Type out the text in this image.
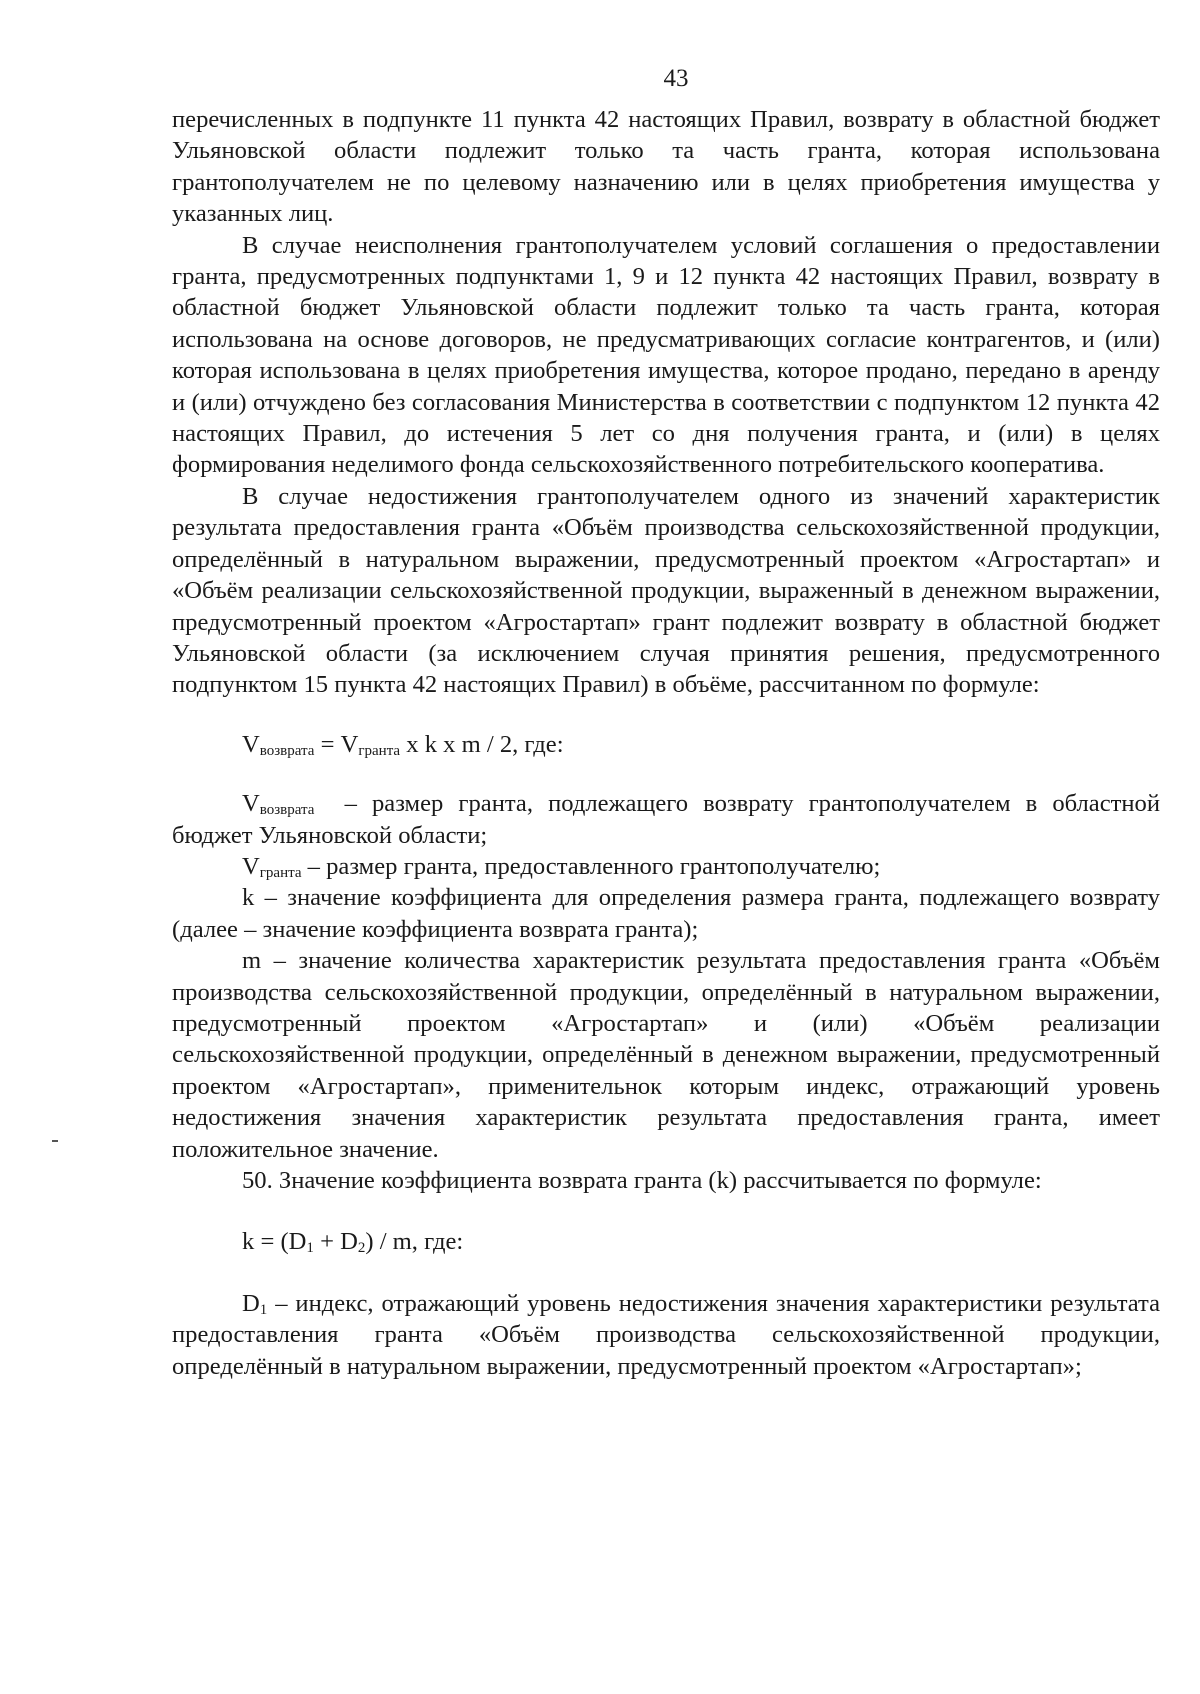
43

перечисленных в подпункте 11 пункта 42 настоящих Правил, возврату в областной бюджет Ульяновской области подлежит только та часть гранта, которая использована грантополучателем не по целевому назначению или в целях приобретения имущества у указанных лиц.

В случае неисполнения грантополучателем условий соглашения о предоставлении гранта, предусмотренных подпунктами 1, 9 и 12 пункта 42 настоящих Правил, возврату в областной бюджет Ульяновской области подлежит только та часть гранта, которая использована на основе договоров, не предусматривающих согласие контрагентов, и (или) которая использована в целях приобретения имущества, которое продано, передано в аренду и (или) отчуждено без согласования Министерства в соответствии с подпунктом 12 пункта 42 настоящих Правил, до истечения 5 лет со дня получения гранта, и (или) в целях формирования неделимого фонда сельскохозяйственного потребительского кооператива.

В случае недостижения грантополучателем одного из значений характеристик результата предоставления гранта «Объём производства сельскохозяйственной продукции, определённый в натуральном выражении, предусмотренный проектом «Агростартап» и «Объём реализации сельскохозяйственной продукции, выраженный в денежном выражении, предусмотренный проектом «Агростартап» грант подлежит возврату в областной бюджет Ульяновской области (за исключением случая принятия решения, предусмотренного подпунктом 15 пункта 42 настоящих Правил) в объёме, рассчитанном по формуле:

$V_{возврата} = V_{гранта}$ x k x m / 2, где:

$V_{возврата}$ – размер гранта, подлежащего возврату грантополучателем в областной бюджет Ульяновской области;

$V_{гранта}$ – размер гранта, предоставленного грантополучателю;

k – значение коэффициента для определения размера гранта, подлежащего возврату (далее – значение коэффициента возврата гранта);

m – значение количества характеристик результата предоставления гранта «Объём производства сельскохозяйственной продукции, определённый в натуральном выражении, предусмотренный проектом «Агростартап» и (или) «Объём реализации сельскохозяйственной продукции, определённый в денежном выражении, предусмотренный проектом «Агростартап», применительнок которым индекс, отражающий уровень недостижения значения характеристик результата предоставления гранта, имеет положительное значение.

50. Значение коэффициента возврата гранта (k) рассчитывается по формуле:

$k = (D_1 + D_2) / m$, где:

$D_1$ – индекс, отражающий уровень недостижения значения характеристики результата предоставления гранта «Объём производства сельскохозяйственной продукции, определённый в натуральном выражении, предусмотренный проектом «Агростартап»;
